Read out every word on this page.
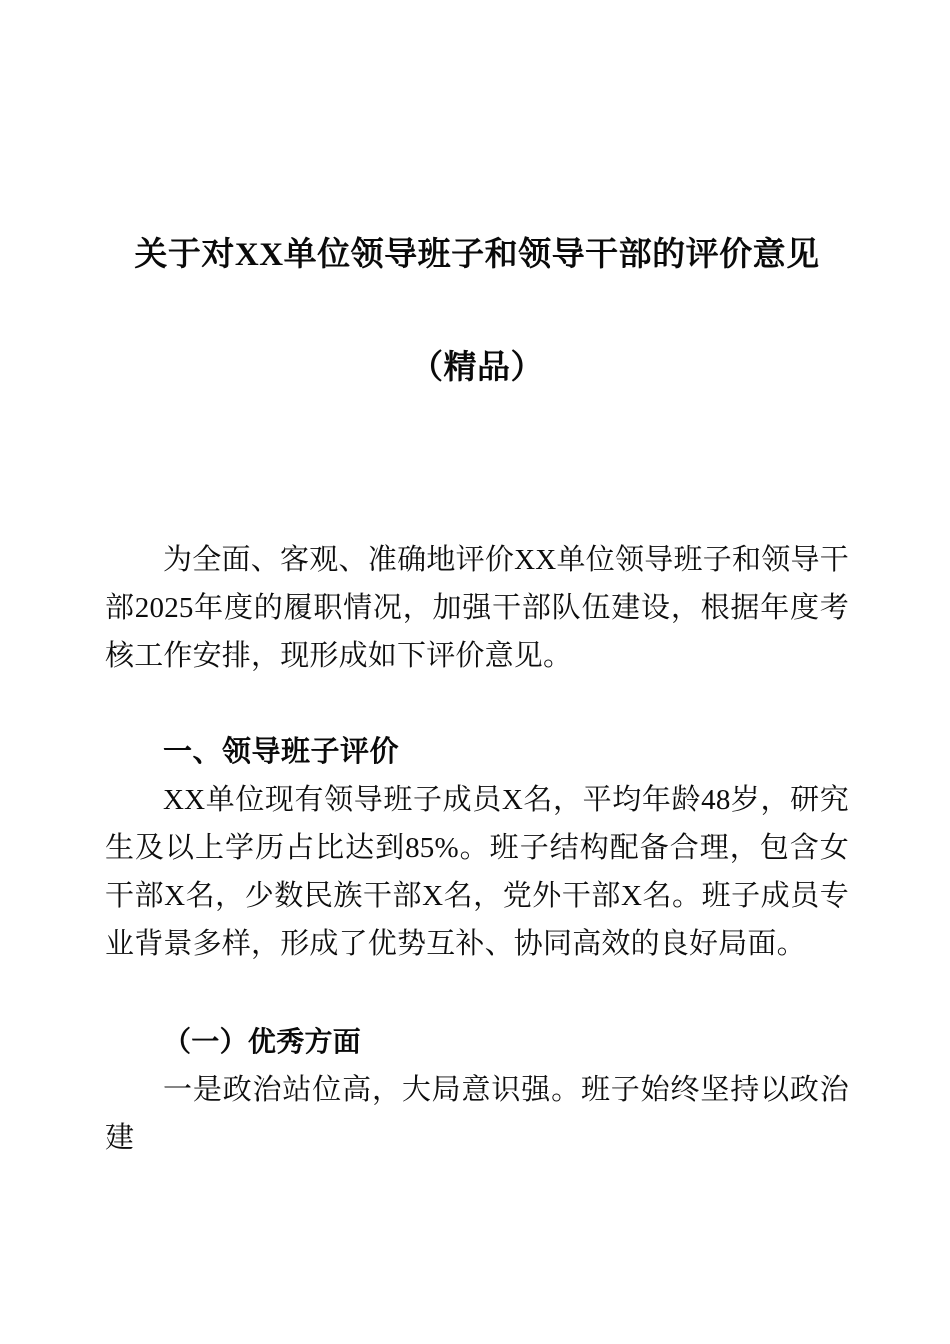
关于对XX单位领导班子和领导干部的评价意见
（精品）

为全面、客观、准确地评价XX单位领导班子和领导干部2025年度的履职情况，加强干部队伍建设，根据年度考核工作安排，现形成如下评价意见。

一、领导班子评价

XX单位现有领导班子成员X名，平均年龄48岁，研究生及以上学历占比达到85%。班子结构配备合理，包含女干部X名，少数民族干部X名，党外干部X名。班子成员专业背景多样，形成了优势互补、协同高效的良好局面。

（一）优秀方面

一是政治站位高，大局意识强。班子始终坚持以政治建
